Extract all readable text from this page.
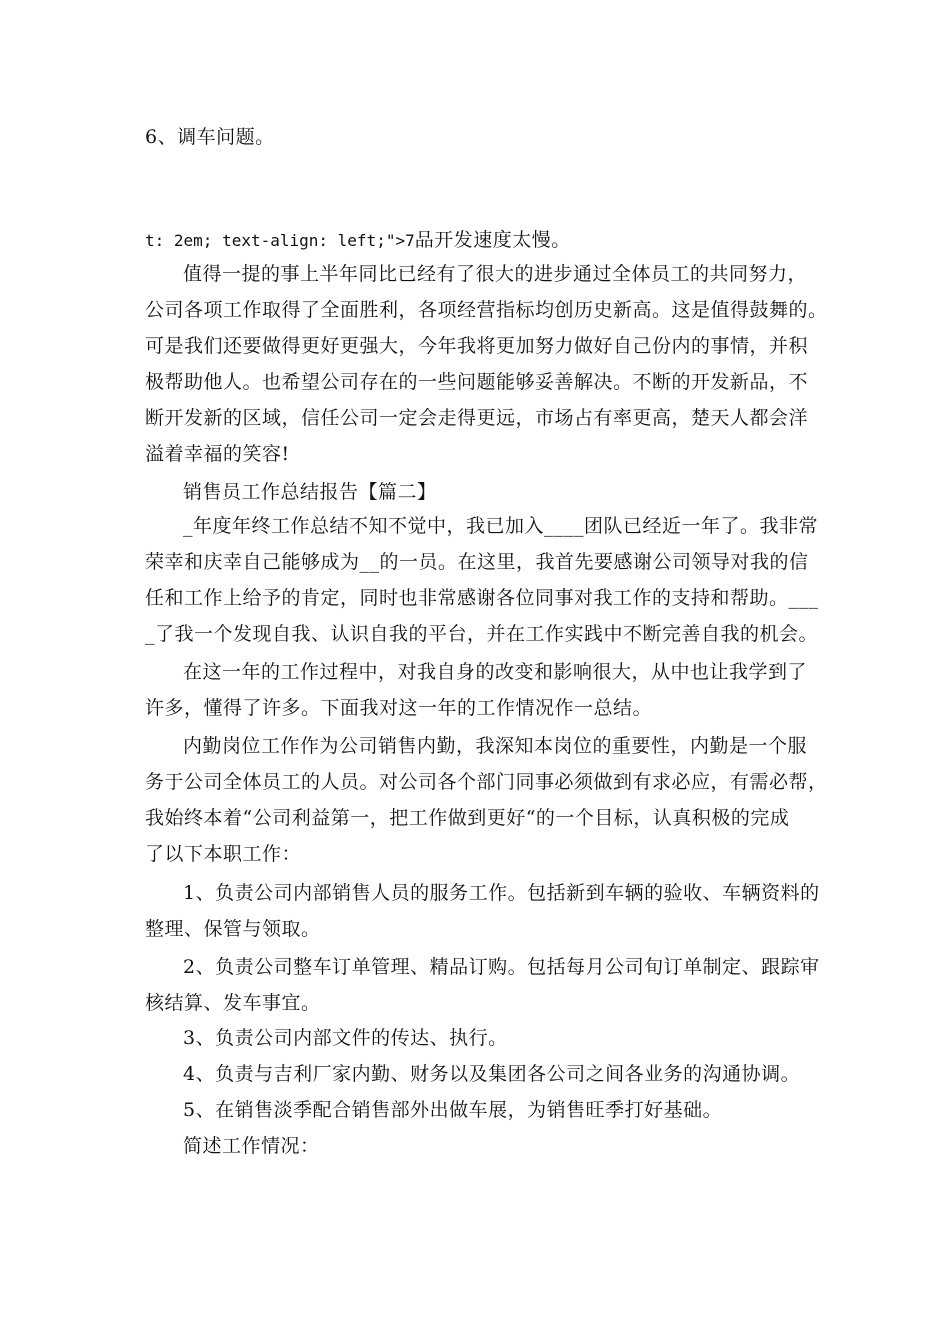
6、调车问题。
t: 2em; text-align: left;">7品开发速度太慢。
值得一提的事上半年同比已经有了很大的进步通过全体员工的共同努力，
公司各项工作取得了全面胜利，各项经营指标均创历史新高。这是值得鼓舞的。
可是我们还要做得更好更强大，今年我将更加努力做好自己份内的事情，并积
极帮助他人。也希望公司存在的一些问题能够妥善解决。不断的开发新品，不
断开发新的区域，信任公司一定会走得更远，市场占有率更高，楚天人都会洋
溢着幸福的笑容!
销售员工作总结报告【篇二】
_年度年终工作总结不知不觉中，我已加入____团队已经近一年了。我非常
荣幸和庆幸自己能够成为__的一员。在这里，我首先要感谢公司领导对我的信
任和工作上给予的肯定，同时也非常感谢各位同事对我工作的支持和帮助。___
_了我一个发现自我、认识自我的平台，并在工作实践中不断完善自我的机会。
在这一年的工作过程中，对我自身的改变和影响很大，从中也让我学到了
许多，懂得了许多。下面我对这一年的工作情况作一总结。
内勤岗位工作作为公司销售内勤，我深知本岗位的重要性，内勤是一个服
务于公司全体员工的人员。对公司各个部门同事必须做到有求必应，有需必帮，
我始终本着“公司利益第一，把工作做到更好“的一个目标，认真积极的完成
了以下本职工作：
1、负责公司内部销售人员的服务工作。包括新到车辆的验收、车辆资料的
整理、保管与领取。
2、负责公司整车订单管理、精品订购。包括每月公司旬订单制定、跟踪审
核结算、发车事宜。
3、负责公司内部文件的传达、执行。
4、负责与吉利厂家内勤、财务以及集团各公司之间各业务的沟通协调。
5、在销售淡季配合销售部外出做车展，为销售旺季打好基础。
简述工作情况：
